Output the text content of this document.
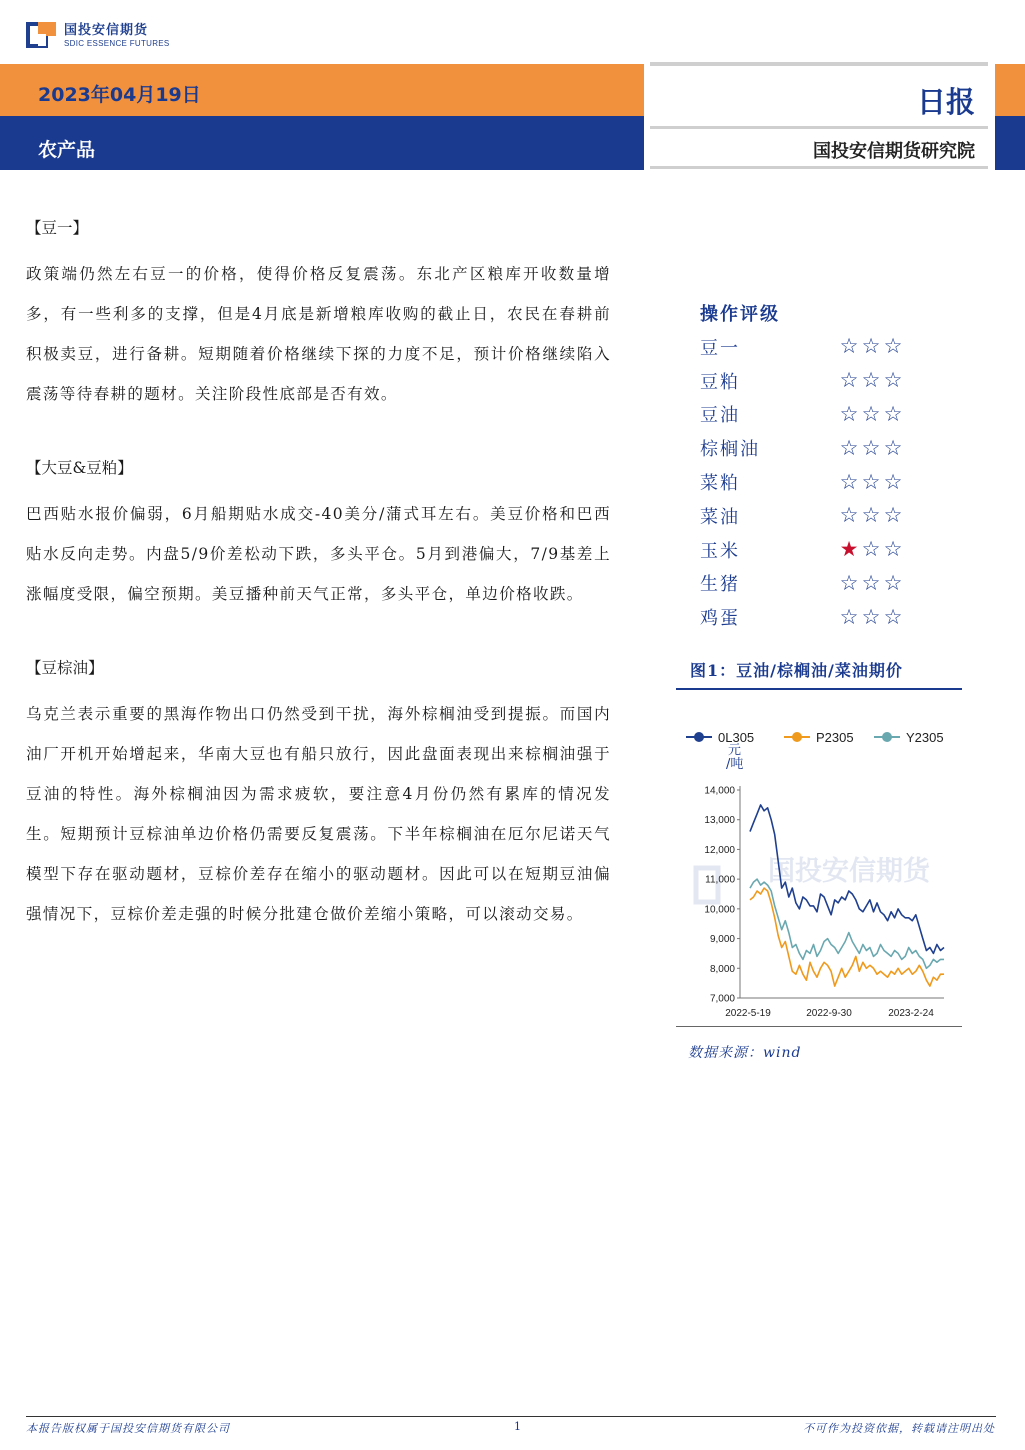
国投安信期货
SDIC ESSENCE FUTURES
2023年04月19日
农产品
日报
国投安信期货研究院
【豆一】
政策端仍然左右豆一的价格，使得价格反复震荡。东北产区粮库开收数量增多，有一些利多的支撑，但是4月底是新增粮库收购的截止日，农民在春耕前积极卖豆，进行备耕。短期随着价格继续下探的力度不足，预计价格继续陷入震荡等待春耕的题材。关注阶段性底部是否有效。
【大豆&豆粕】
巴西贴水报价偏弱，6月船期贴水成交-40美分/蒲式耳左右。美豆价格和巴西贴水反向走势。内盘5/9价差松动下跌，多头平仓。5月到港偏大，7/9基差上涨幅度受限，偏空预期。美豆播种前天气正常，多头平仓，单边价格收跌。
【豆棕油】
乌克兰表示重要的黑海作物出口仍然受到干扰，海外棕榈油受到提振。而国内油厂开机开始增起来，华南大豆也有船只放行，因此盘面表现出来棕榈油强于豆油的特性。海外棕榈油因为需求疲软，要注意4月份仍然有累库的情况发生。短期预计豆棕油单边价格仍需要反复震荡。下半年棕榈油在厄尔尼诺天气模型下存在驱动题材，豆棕价差存在缩小的驱动题材。因此可以在短期豆油偏强情况下，豆棕价差走强的时候分批建仓做价差缩小策略，可以滚动交易。
操作评级
豆一	☆ ☆ ☆
豆粕	☆ ☆ ☆
豆油	☆ ☆ ☆
棕榈油	☆ ☆ ☆
菜粕	☆ ☆ ☆
菜油	☆ ☆ ☆
玉米	★ ☆ ☆
生猪	☆ ☆ ☆
鸡蛋	☆ ☆ ☆
图1：豆油/棕榈油/菜油期价
0L305	P2305	Y2305
元
/吨
国投安信期货
7,000
8,000
9,000
10,000
11,000
12,000
13,000
14,000
2022-5-19	2022-9-30	2023-2-24
数据来源：wind
本报告版权属于国投安信期货有限公司	1	不可作为投资依据，转载请注明出处
